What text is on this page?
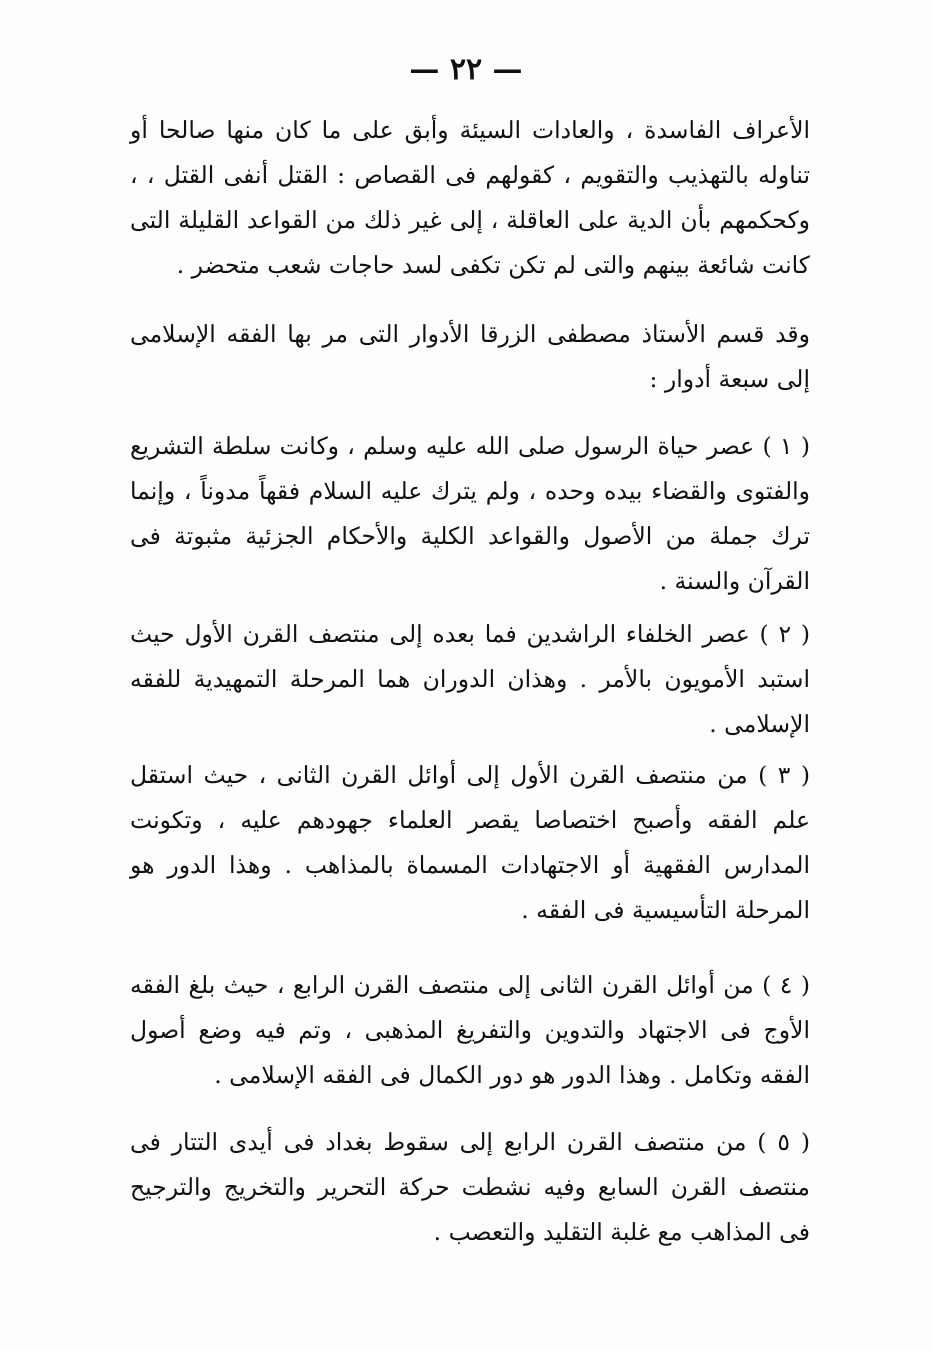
— ٢٢ —

الأعراف الفاسدة ، والعادات السيئة وأبق على ما كان منها صالحا أو تناوله بالتهذيب والتقويم ، كقولهم فى القصاص : القتل أنفى القتل ، ، وكحكمهم بأن الدية على العاقلة ، إلى غير ذلك من القواعد القليلة التى كانت شائعة بينهم والتى لم تكن تكفى لسد حاجات شعب متحضر .

وقد قسم الأستاذ مصطفى الزرقا الأدوار التى مر بها الفقه الإسلامى إلى سبعة أدوار :

( ١ ) عصر حياة الرسول صلى الله عليه وسلم ، وكانت سلطة التشريع والفتوى والقضاء بيده وحده ، ولم يترك عليه السلام فقهاً مدوناً ، وإنما ترك جملة من الأصول والقواعد الكلية والأحكام الجزئية مثبوتة فى القرآن والسنة .

( ٢ ) عصر الخلفاء الراشدين فما بعده إلى منتصف القرن الأول حيث استبد الأمويون بالأمر . وهذان الدوران هما المرحلة التمهيدية للفقه الإسلامى .

( ٣ ) من منتصف القرن الأول إلى أوائل القرن الثانى ، حيث استقل علم الفقه وأصبح اختصاصا يقصر العلماء جهودهم عليه ، وتكونت المدارس الفقهية أو الاجتهادات المسماة بالمذاهب . وهذا الدور هو المرحلة التأسيسية فى الفقه .

( ٤ ) من أوائل القرن الثانى إلى منتصف القرن الرابع ، حيث بلغ الفقه الأوج فى الاجتهاد والتدوين والتفريغ المذهبى ، وتم فيه وضع أصول الفقه وتكامل . وهذا الدور هو دور الكمال فى الفقه الإسلامى .

( ٥ ) من منتصف القرن الرابع إلى سقوط بغداد فى أيدى التتار فى منتصف القرن السابع وفيه نشطت حركة التحرير والتخريج والترجيح فى المذاهب مع غلبة التقليد والتعصب .
